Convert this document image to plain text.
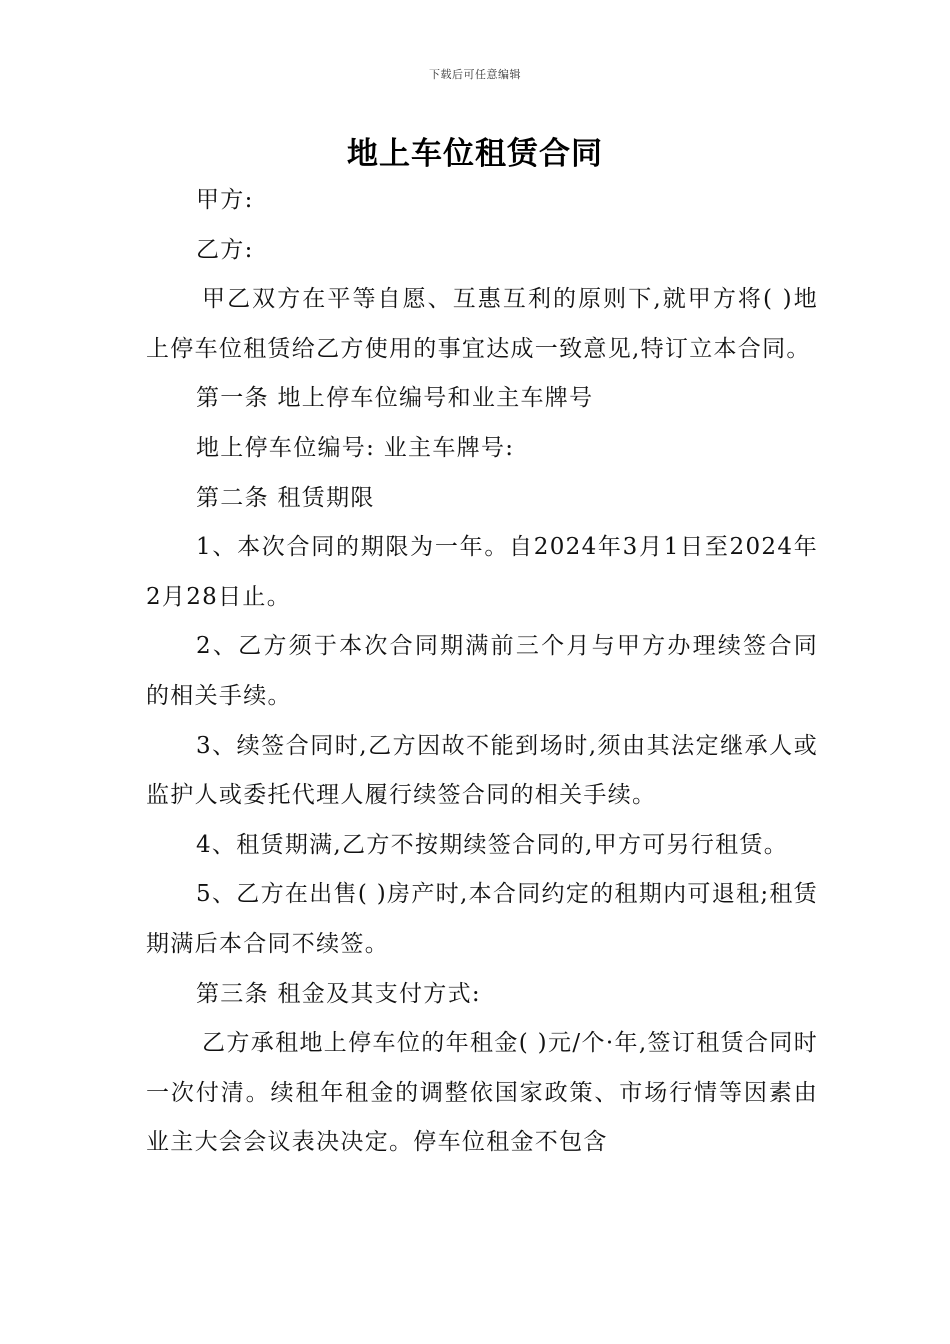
下载后可任意编辑
地上车位租赁合同

甲方:

乙方:

甲乙双方在平等自愿、互惠互利的原则下,就甲方将( )地上停车位租赁给乙方使用的事宜达成一致意见,特订立本合同。

第一条 地上停车位编号和业主车牌号

地上停车位编号: 业主车牌号:

第二条 租赁期限

1、本次合同的期限为一年。自2024年3月1日至2024年2月28日止。

2、乙方须于本次合同期满前三个月与甲方办理续签合同的相关手续。

3、续签合同时,乙方因故不能到场时,须由其法定继承人或监护人或委托代理人履行续签合同的相关手续。

4、租赁期满,乙方不按期续签合同的,甲方可另行租赁。

5、乙方在出售( )房产时,本合同约定的租期内可退租;租赁期满后本合同不续签。

第三条 租金及其支付方式:

乙方承租地上停车位的年租金( )元/个·年,签订租赁合同时一次付清。续租年租金的调整依国家政策、市场行情等因素由业主大会会议表决决定。停车位租金不包含
